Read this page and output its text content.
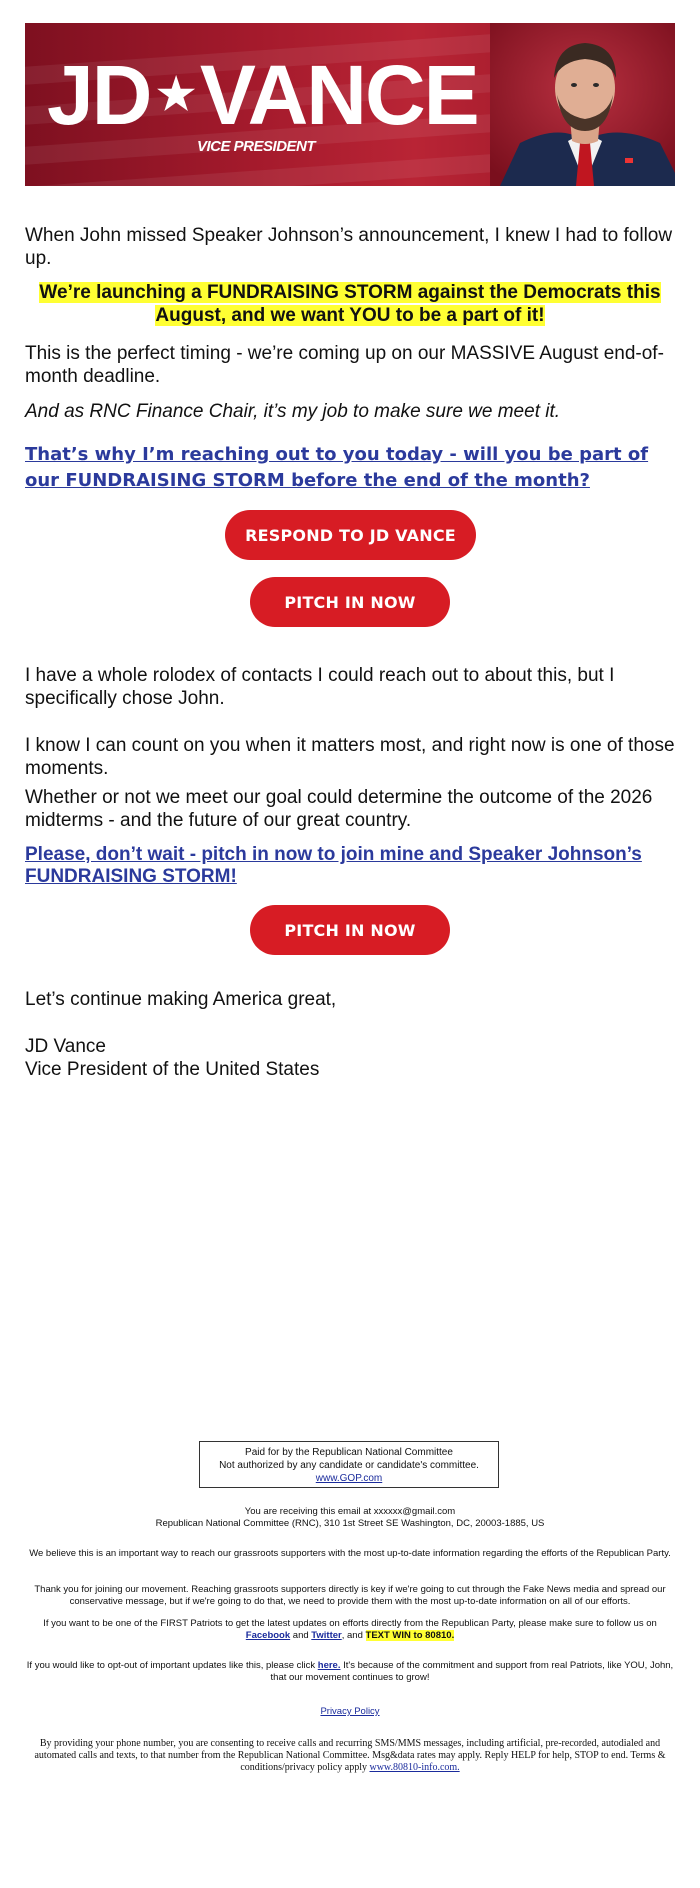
JD ★ VANCE
VICE PRESIDENT

When John missed Speaker Johnson’s announcement, I knew I had to follow up.

We’re launching a FUNDRAISING STORM against the Democrats this
August, and we want YOU to be a part of it!

This is the perfect timing - we’re coming up on our MASSIVE August end-of-month deadline.

And as RNC Finance Chair, it’s my job to make sure we meet it.

That’s why I’m reaching out to you today - will you be part of our FUNDRAISING STORM before the end of the month?
RESPOND TO JD VANCE
PITCH IN NOW

I have a whole rolodex of contacts I could reach out to about this, but I specifically chose John.

I know I can count on you when it matters most, and right now is one of those moments.

Whether or not we meet our goal could determine the outcome of the 2026 midterms - and the future of our great country.

Please, don’t wait - pitch in now to join mine and Speaker Johnson’s FUNDRAISING STORM!
PITCH IN NOW

Let’s continue making America great,

JD Vance

Vice President of the United States

Paid for by the Republican National Committee
Not authorized by any candidate or candidate's committee.
www.GOP.com
You are receiving this email at xxxxxx@gmail.com
Republican National Committee (RNC), 310 1st Street SE Washington, DC, 20003-1885, US
We believe this is an important way to reach our grassroots supporters with the most up-to-date information regarding the efforts of the Republican Party.
Thank you for joining our movement. Reaching grassroots supporters directly is key if we're going to cut through the Fake News media and spread our conservative message, but if we're going to do that, we need to provide them with the most up-to-date information on all of our efforts.
If you want to be one of the FIRST Patriots to get the latest updates on efforts directly from the Republican Party, please make sure to follow us on Facebook and Twitter, and TEXT WIN to 80810.
If you would like to opt-out of important updates like this, please click here. It's because of the commitment and support from real Patriots, like YOU, John, that our movement continues to grow!
Privacy Policy
By providing your phone number, you are consenting to receive calls and recurring SMS/MMS messages, including artificial, pre-recorded, autodialed and automated calls and texts, to that number from the Republican National Committee. Msg&data rates may apply. Reply HELP for help, STOP to end. Terms & conditions/privacy policy apply www.80810-info.com.
